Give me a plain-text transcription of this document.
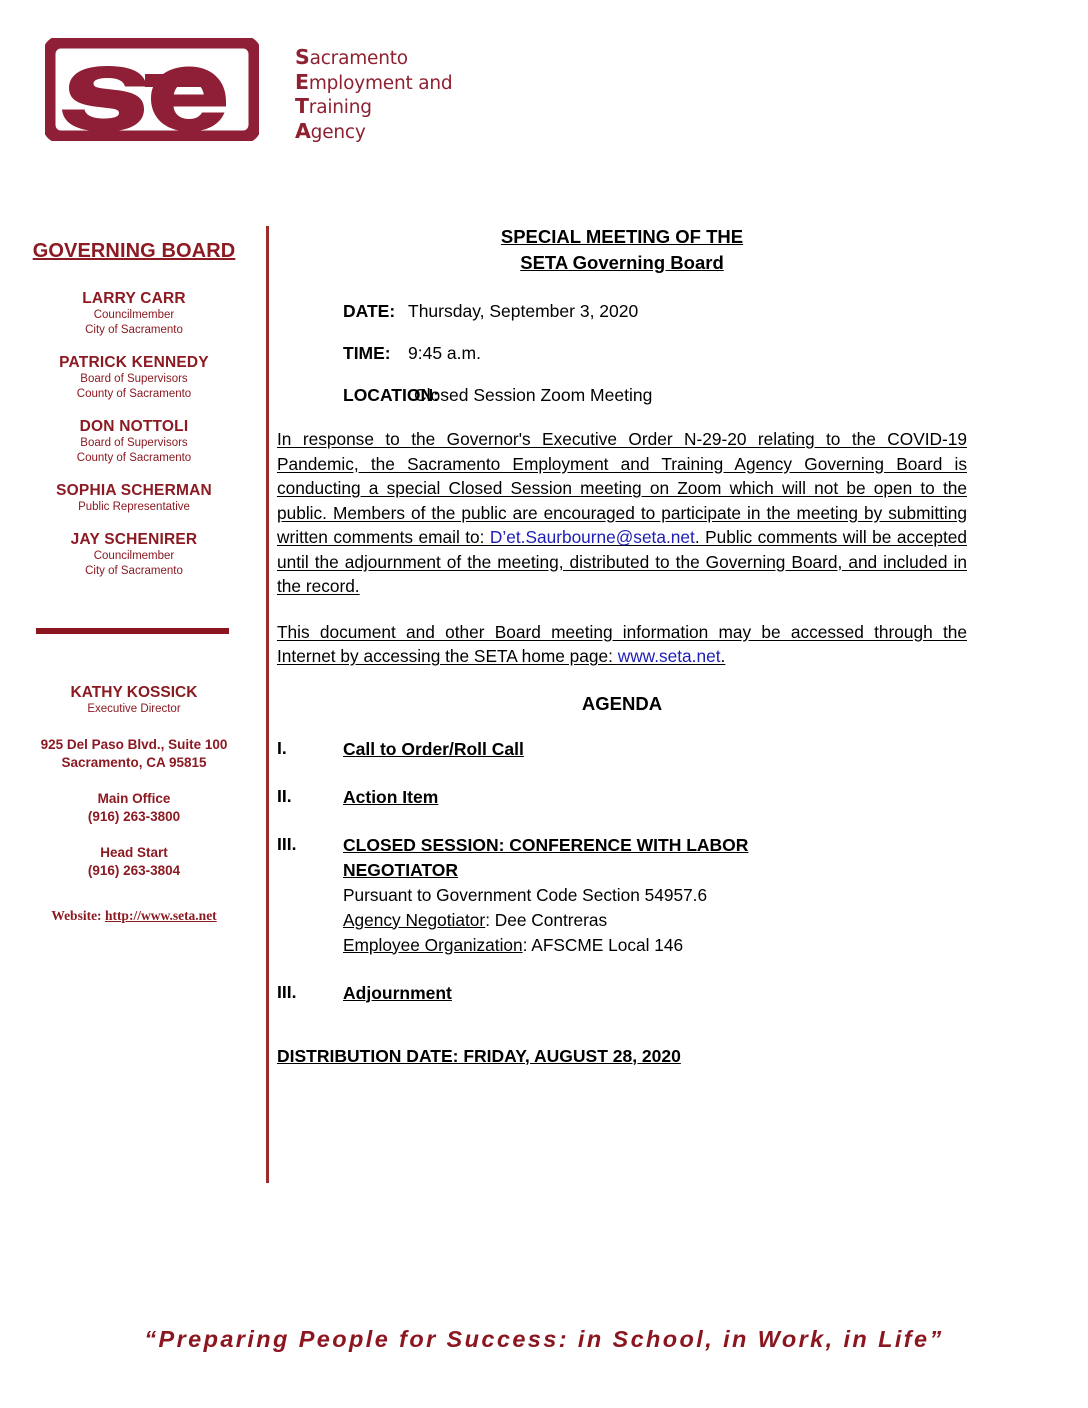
Sacramento
Employment and
Training
Agency
GOVERNING BOARD
LARRY CARR
Councilmember
City of Sacramento
PATRICK KENNEDY
Board of Supervisors
County of Sacramento
DON NOTTOLI
Board of Supervisors
County of Sacramento
SOPHIA SCHERMAN
Public Representative
JAY SCHENIRER
Councilmember
City of Sacramento
KATHY KOSSICK
Executive Director
925 Del Paso Blvd., Suite 100
Sacramento, CA 95815
Main Office
(916) 263-3800
Head Start
(916) 263-3804
Website: http://www.seta.net
SPECIAL MEETING OF THE
SETA Governing Board
DATE: Thursday, September 3, 2020
TIME: 9:45 a.m.
LOCATION:
Closed Session Zoom Meeting

In response to the Governor's Executive Order N-29-20 relating to the COVID-19 Pandemic, the Sacramento Employment and Training Agency Governing Board is conducting a special Closed Session meeting on Zoom which will not be open to the public. Members of the public are encouraged to participate in the meeting by submitting written comments email to: D’et.Saurbourne@seta.net. Public comments will be accepted until the adjournment of the meeting, distributed to the Governing Board, and included in the record.

This document and other Board meeting information may be accessed through the Internet by accessing the SETA home page: www.seta.net.

AGENDA
I.	Call to Order/Roll Call
II.	Action Item
III.	CLOSED SESSION: CONFERENCE WITH LABOR NEGOTIATOR
Pursuant to Government Code Section 54957.6
Agency Negotiator: Dee Contreras
Employee Organization: AFSCME Local 146
III.	Adjournment
DISTRIBUTION DATE: FRIDAY, AUGUST 28, 2020
“Preparing People for Success: in School, in Work, in Life”
